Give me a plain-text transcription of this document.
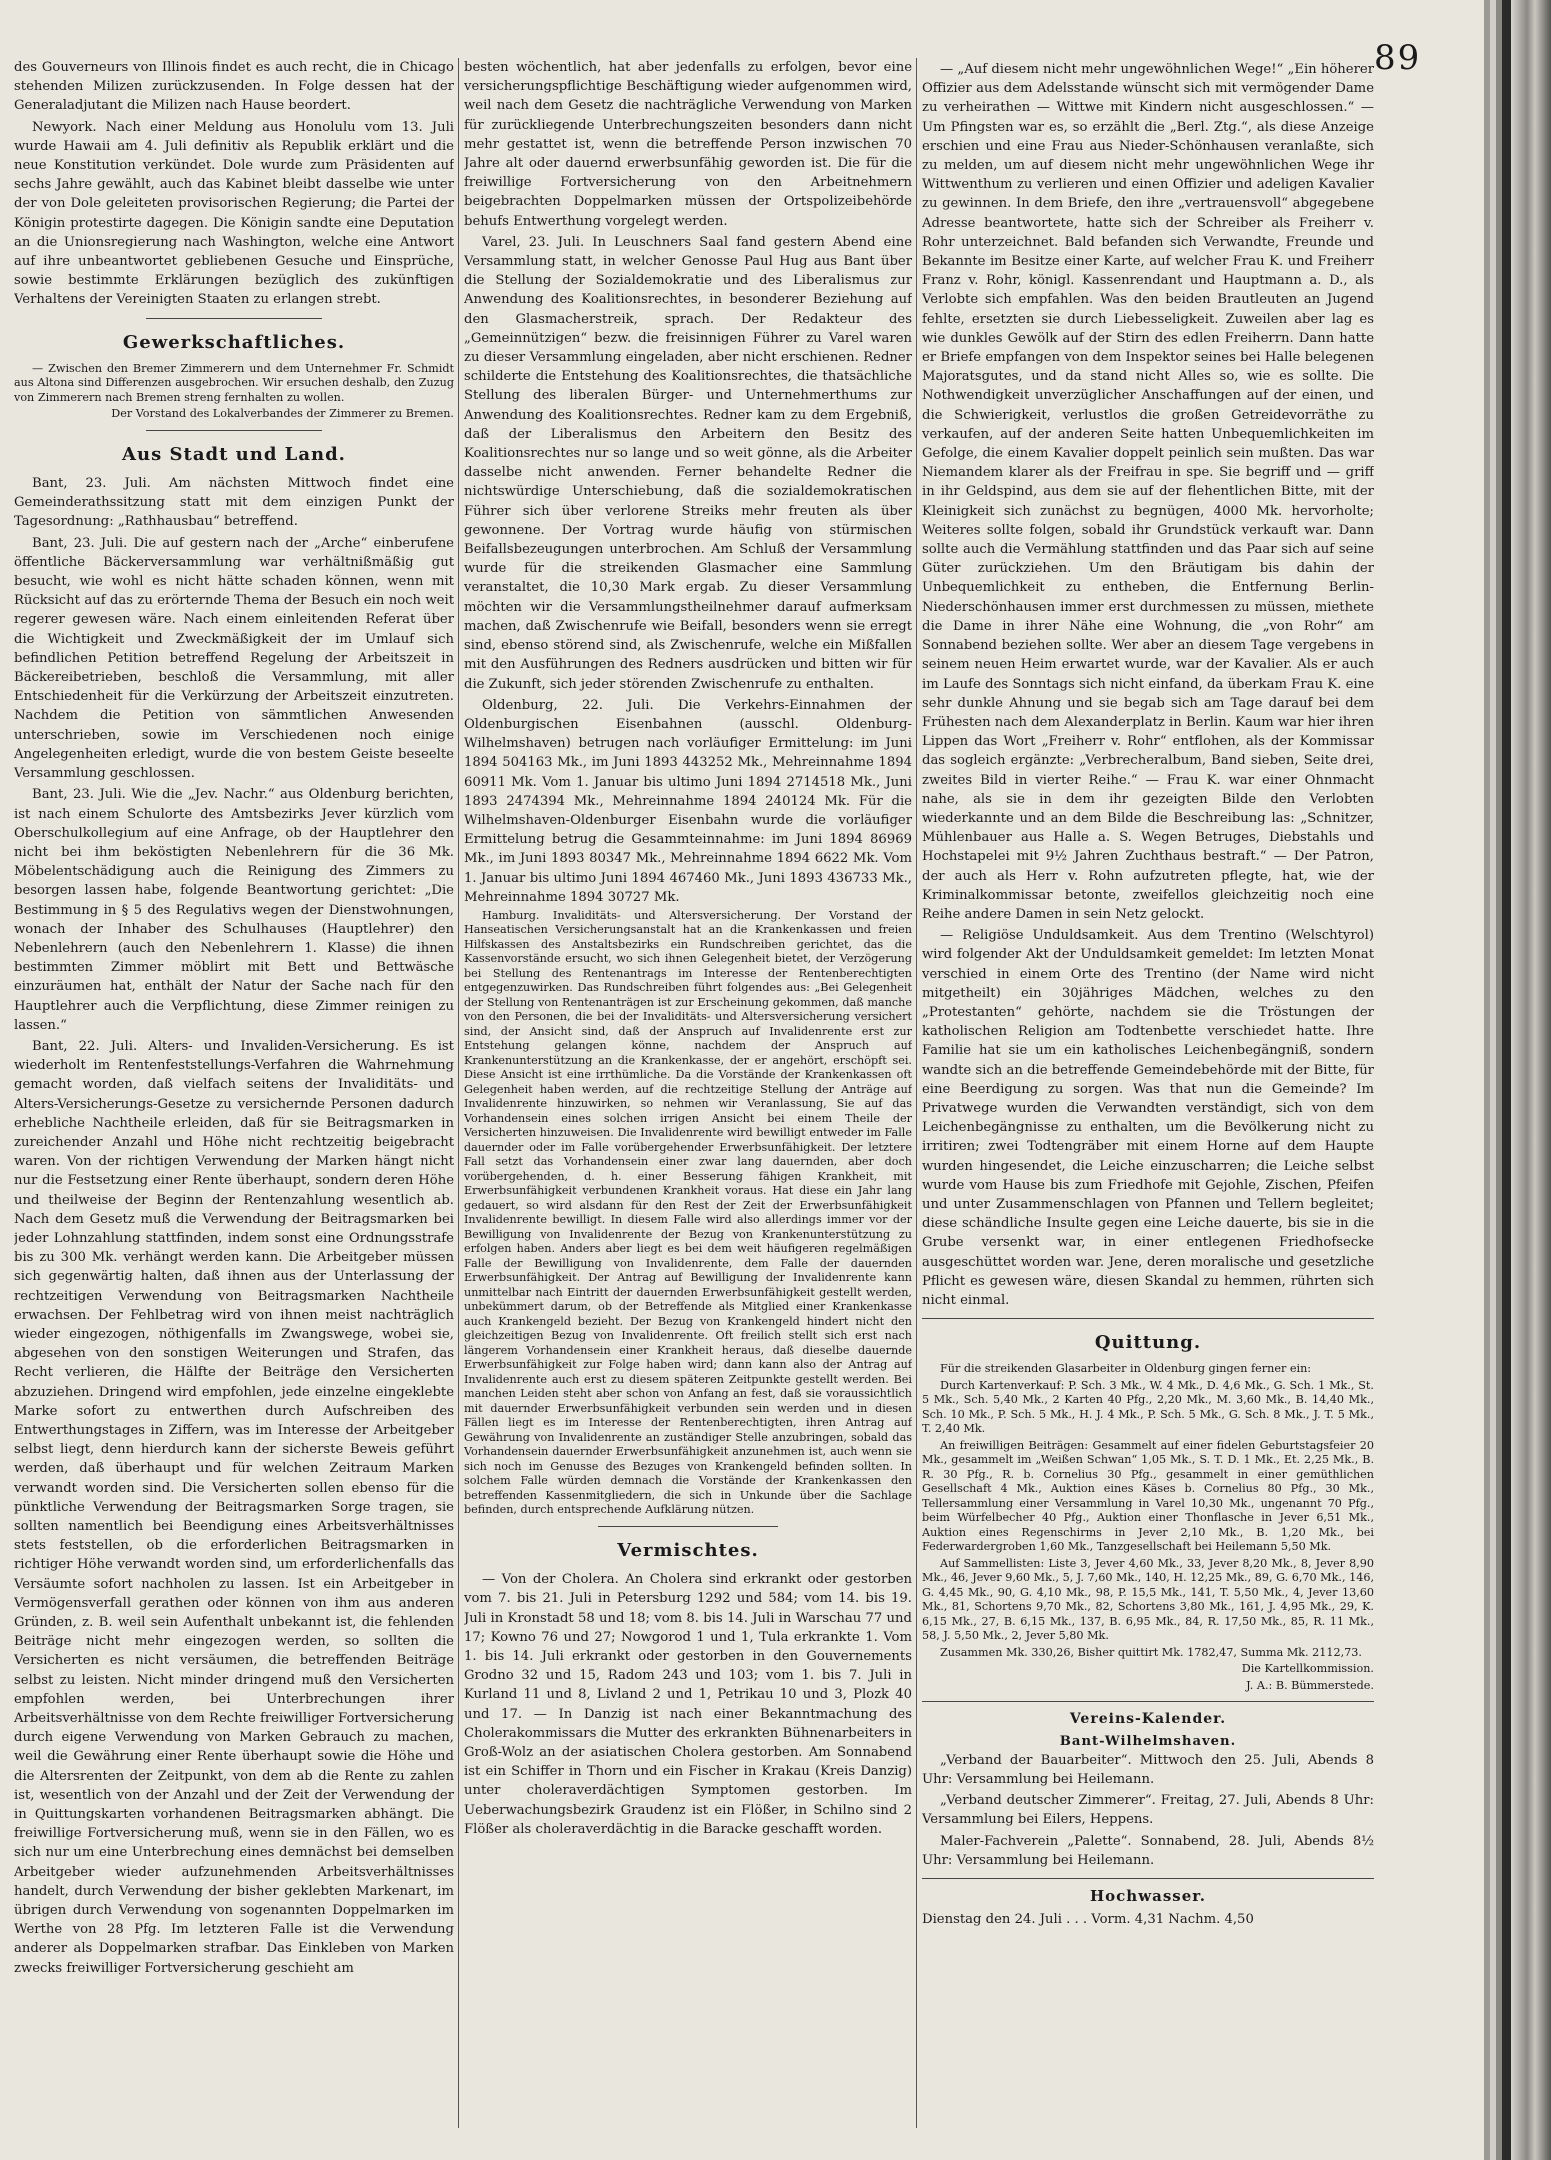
89

des Gouverneurs von Illinois findet es auch recht, die in Chicago stehenden Milizen zurückzusenden. In Folge dessen hat der Generaladjutant die Milizen nach Hause beordert.

Newyork. Nach einer Meldung aus Honolulu vom 13. Juli wurde Hawaii am 4. Juli definitiv als Republik erklärt und die neue Konstitution verkündet. Dole wurde zum Präsidenten auf sechs Jahre gewählt, auch das Kabinet bleibt dasselbe wie unter der von Dole geleiteten provisorischen Regierung; die Partei der Königin protestirte dagegen. Die Königin sandte eine Deputation an die Unionsregierung nach Washington, welche eine Antwort auf ihre unbeantwortet gebliebenen Gesuche und Einsprüche, sowie bestimmte Erklärungen bezüglich des zukünftigen Verhaltens der Vereinigten Staaten zu erlangen strebt.

Gewerkschaftliches.

— Zwischen den Bremer Zimmerern und dem Unternehmer Fr. Schmidt aus Altona sind Differenzen ausgebrochen. Wir ersuchen deshalb, den Zuzug von Zimmerern nach Bremen streng fernhalten zu wollen.

Der Vorstand des Lokalverbandes der Zimmerer zu Bremen.

Aus Stadt und Land.

Bant, 23. Juli. Am nächsten Mittwoch findet eine Gemeinderathssitzung statt mit dem einzigen Punkt der Tagesordnung: „Rathhausbau“ betreffend.

Bant, 23. Juli. Die auf gestern nach der „Arche“ einberufene öffentliche Bäckerversammlung war verhältnißmäßig gut besucht, wie wohl es nicht hätte schaden können, wenn mit Rücksicht auf das zu erörternde Thema der Besuch ein noch weit regerer gewesen wäre. Nach einem einleitenden Referat über die Wichtigkeit und Zweckmäßigkeit der im Umlauf sich befindlichen Petition betreffend Regelung der Arbeitszeit in Bäckereibetrieben, beschloß die Versammlung, mit aller Entschiedenheit für die Verkürzung der Arbeitszeit einzutreten. Nachdem die Petition von sämmtlichen Anwesenden unterschrieben, sowie im Verschiedenen noch einige Angelegenheiten erledigt, wurde die von bestem Geiste beseelte Versammlung geschlossen.

Bant, 23. Juli. Wie die „Jev. Nachr.“ aus Oldenburg berichten, ist nach einem Schulorte des Amtsbezirks Jever kürzlich vom Oberschulkollegium auf eine Anfrage, ob der Hauptlehrer den nicht bei ihm beköstigten Nebenlehrern für die 36 Mk. Möbelentschädigung auch die Reinigung des Zimmers zu besorgen lassen habe, folgende Beantwortung gerichtet: „Die Bestimmung in § 5 des Regulativs wegen der Dienstwohnungen, wonach der Inhaber des Schulhauses (Hauptlehrer) den Nebenlehrern (auch den Nebenlehrern 1. Klasse) die ihnen bestimmten Zimmer möblirt mit Bett und Bettwäsche einzuräumen hat, enthält der Natur der Sache nach für den Hauptlehrer auch die Verpflichtung, diese Zimmer reinigen zu lassen.“

Bant, 22. Juli. Alters- und Invaliden-Versicherung. Es ist wiederholt im Rentenfeststellungs-Verfahren die Wahrnehmung gemacht worden, daß vielfach seitens der Invaliditäts- und Alters-Versicherungs-Gesetze zu versichernde Personen dadurch erhebliche Nachtheile erleiden, daß für sie Beitragsmarken in zureichender Anzahl und Höhe nicht rechtzeitig beigebracht waren. Von der richtigen Verwendung der Marken hängt nicht nur die Festsetzung einer Rente überhaupt, sondern deren Höhe und theilweise der Beginn der Rentenzahlung wesentlich ab. Nach dem Gesetz muß die Verwendung der Beitragsmarken bei jeder Lohnzahlung stattfinden, indem sonst eine Ordnungsstrafe bis zu 300 Mk. verhängt werden kann. Die Arbeitgeber müssen sich gegenwärtig halten, daß ihnen aus der Unterlassung der rechtzeitigen Verwendung von Beitragsmarken Nachtheile erwachsen. Der Fehlbetrag wird von ihnen meist nachträglich wieder eingezogen, nöthigenfalls im Zwangswege, wobei sie, abgesehen von den sonstigen Weiterungen und Strafen, das Recht verlieren, die Hälfte der Beiträge den Versicherten abzuziehen. Dringend wird empfohlen, jede einzelne eingeklebte Marke sofort zu entwerthen durch Aufschreiben des Entwerthungstages in Ziffern, was im Interesse der Arbeitgeber selbst liegt, denn hierdurch kann der sicherste Beweis geführt werden, daß überhaupt und für welchen Zeitraum Marken verwandt worden sind. Die Versicherten sollen ebenso für die pünktliche Verwendung der Beitragsmarken Sorge tragen, sie sollten namentlich bei Beendigung eines Arbeitsverhältnisses stets feststellen, ob die erforderlichen Beitragsmarken in richtiger Höhe verwandt worden sind, um erforderlichenfalls das Versäumte sofort nachholen zu lassen. Ist ein Arbeitgeber in Vermögensverfall gerathen oder können von ihm aus anderen Gründen, z. B. weil sein Aufenthalt unbekannt ist, die fehlenden Beiträge nicht mehr eingezogen werden, so sollten die Versicherten es nicht versäumen, die betreffenden Beiträge selbst zu leisten. Nicht minder dringend muß den Versicherten empfohlen werden, bei Unterbrechungen ihrer Arbeitsverhältnisse von dem Rechte freiwilliger Fortversicherung durch eigene Verwendung von Marken Gebrauch zu machen, weil die Gewährung einer Rente überhaupt sowie die Höhe und die Altersrenten der Zeitpunkt, von dem ab die Rente zu zahlen ist, wesentlich von der Anzahl und der Zeit der Verwendung der in Quittungskarten vorhandenen Beitragsmarken abhängt. Die freiwillige Fortversicherung muß, wenn sie in den Fällen, wo es sich nur um eine Unterbrechung eines demnächst bei demselben Arbeitgeber wieder aufzunehmenden Arbeitsverhältnisses handelt, durch Verwendung der bisher geklebten Markenart, im übrigen durch Verwendung von sogenannten Doppelmarken im Werthe von 28 Pfg. Im letzteren Falle ist die Verwendung anderer als Doppelmarken strafbar. Das Einkleben von Marken zwecks freiwilliger Fortversicherung geschieht am

besten wöchentlich, hat aber jedenfalls zu erfolgen, bevor eine versicherungspflichtige Beschäftigung wieder aufgenommen wird, weil nach dem Gesetz die nachträgliche Verwendung von Marken für zurückliegende Unterbrechungszeiten besonders dann nicht mehr gestattet ist, wenn die betreffende Person inzwischen 70 Jahre alt oder dauernd erwerbsunfähig geworden ist. Die für die freiwillige Fortversicherung von den Arbeitnehmern beigebrachten Doppelmarken müssen der Ortspolizeibehörde behufs Entwerthung vorgelegt werden.

Varel, 23. Juli. In Leuschners Saal fand gestern Abend eine Versammlung statt, in welcher Genosse Paul Hug aus Bant über die Stellung der Sozialdemokratie und des Liberalismus zur Anwendung des Koalitionsrechtes, in besonderer Beziehung auf den Glasmacherstreik, sprach. Der Redakteur des „Gemeinnützigen“ bezw. die freisinnigen Führer zu Varel waren zu dieser Versammlung eingeladen, aber nicht erschienen. Redner schilderte die Entstehung des Koalitionsrechtes, die thatsächliche Stellung des liberalen Bürger- und Unternehmerthums zur Anwendung des Koalitionsrechtes. Redner kam zu dem Ergebniß, daß der Liberalismus den Arbeitern den Besitz des Koalitionsrechtes nur so lange und so weit gönne, als die Arbeiter dasselbe nicht anwenden. Ferner behandelte Redner die nichtswürdige Unterschiebung, daß die sozialdemokratischen Führer sich über verlorene Streiks mehr freuten als über gewonnene. Der Vortrag wurde häufig von stürmischen Beifallsbezeugungen unterbrochen. Am Schluß der Versammlung wurde für die streikenden Glasmacher eine Sammlung veranstaltet, die 10,30 Mark ergab. Zu dieser Versammlung möchten wir die Versammlungstheilnehmer darauf aufmerksam machen, daß Zwischenrufe wie Beifall, besonders wenn sie erregt sind, ebenso störend sind, als Zwischenrufe, welche ein Mißfallen mit den Ausführungen des Redners ausdrücken und bitten wir für die Zukunft, sich jeder störenden Zwischenrufe zu enthalten.

Oldenburg, 22. Juli. Die Verkehrs-Einnahmen der Oldenburgischen Eisenbahnen (ausschl. Oldenburg-Wilhelmshaven) betrugen nach vorläufiger Ermittelung: im Juni 1894 504163 Mk., im Juni 1893 443252 Mk., Mehreinnahme 1894 60911 Mk. Vom 1. Januar bis ultimo Juni 1894 2714518 Mk., Juni 1893 2474394 Mk., Mehreinnahme 1894 240124 Mk. Für die Wilhelmshaven-Oldenburger Eisenbahn wurde die vorläufiger Ermittelung betrug die Gesammteinnahme: im Juni 1894 86969 Mk., im Juni 1893 80347 Mk., Mehreinnahme 1894 6622 Mk. Vom 1. Januar bis ultimo Juni 1894 467460 Mk., Juni 1893 436733 Mk., Mehreinnahme 1894 30727 Mk.

Hamburg. Invaliditäts- und Altersversicherung. Der Vorstand der Hanseatischen Versicherungsanstalt hat an die Krankenkassen und freien Hilfskassen des Anstaltsbezirks ein Rundschreiben gerichtet, das die Kassenvorstände ersucht, wo sich ihnen Gelegenheit bietet, der Verzögerung bei Stellung des Rentenantrags im Interesse der Rentenberechtigten entgegenzuwirken. Das Rundschreiben führt folgendes aus: „Bei Gelegenheit der Stellung von Rentenanträgen ist zur Erscheinung gekommen, daß manche von den Personen, die bei der Invaliditäts- und Altersversicherung versichert sind, der Ansicht sind, daß der Anspruch auf Invalidenrente erst zur Entstehung gelangen könne, nachdem der Anspruch auf Krankenunterstützung an die Krankenkasse, der er angehört, erschöpft sei. Diese Ansicht ist eine irrthümliche. Da die Vorstände der Krankenkassen oft Gelegenheit haben werden, auf die rechtzeitige Stellung der Anträge auf Invalidenrente hinzuwirken, so nehmen wir Veranlassung, Sie auf das Vorhandensein eines solchen irrigen Ansicht bei einem Theile der Versicherten hinzuweisen. Die Invalidenrente wird bewilligt entweder im Falle dauernder oder im Falle vorübergehender Erwerbsunfähigkeit. Der letztere Fall setzt das Vorhandensein einer zwar lang dauernden, aber doch vorübergehenden, d. h. einer Besserung fähigen Krankheit, mit Erwerbsunfähigkeit verbundenen Krankheit voraus. Hat diese ein Jahr lang gedauert, so wird alsdann für den Rest der Zeit der Erwerbsunfähigkeit Invalidenrente bewilligt. In diesem Falle wird also allerdings immer vor der Bewilligung von Invalidenrente der Bezug von Krankenunterstützung zu erfolgen haben. Anders aber liegt es bei dem weit häufigeren regelmäßigen Falle der Bewilligung von Invalidenrente, dem Falle der dauernden Erwerbsunfähigkeit. Der Antrag auf Bewilligung der Invalidenrente kann unmittelbar nach Eintritt der dauernden Erwerbsunfähigkeit gestellt werden, unbekümmert darum, ob der Betreffende als Mitglied einer Krankenkasse auch Krankengeld bezieht. Der Bezug von Krankengeld hindert nicht den gleichzeitigen Bezug von Invalidenrente. Oft freilich stellt sich erst nach längerem Vorhandensein einer Krankheit heraus, daß dieselbe dauernde Erwerbsunfähigkeit zur Folge haben wird; dann kann also der Antrag auf Invalidenrente auch erst zu diesem späteren Zeitpunkte gestellt werden. Bei manchen Leiden steht aber schon von Anfang an fest, daß sie voraussichtlich mit dauernder Erwerbsunfähigkeit verbunden sein werden und in diesen Fällen liegt es im Interesse der Rentenberechtigten, ihren Antrag auf Gewährung von Invalidenrente an zuständiger Stelle anzubringen, sobald das Vorhandensein dauernder Erwerbsunfähigkeit anzunehmen ist, auch wenn sie sich noch im Genusse des Bezuges von Krankengeld befinden sollten. In solchem Falle würden demnach die Vorstände der Krankenkassen den betreffenden Kassenmitgliedern, die sich in Unkunde über die Sachlage befinden, durch entsprechende Aufklärung nützen.

Vermischtes.

— Von der Cholera. An Cholera sind erkrankt oder gestorben vom 7. bis 21. Juli in Petersburg 1292 und 584; vom 14. bis 19. Juli in Kronstadt 58 und 18; vom 8. bis 14. Juli in Warschau 77 und 17; Kowno 76 und 27; Nowgorod 1 und 1, Tula erkrankte 1. Vom 1. bis 14. Juli erkrankt oder gestorben in den Gouvernements Grodno 32 und 15, Radom 243 und 103; vom 1. bis 7. Juli in Kurland 11 und 8, Livland 2 und 1, Petrikau 10 und 3, Plozk 40 und 17. — In Danzig ist nach einer Bekanntmachung des Cholerakommissars die Mutter des erkrankten Bühnenarbeiters in Groß-Wolz an der asiatischen Cholera gestorben. Am Sonnabend ist ein Schiffer in Thorn und ein Fischer in Krakau (Kreis Danzig) unter choleraverdächtigen Symptomen gestorben. Im Ueberwachungsbezirk Graudenz ist ein Flößer, in Schilno sind 2 Flößer als choleraverdächtig in die Baracke geschafft worden.

— „Auf diesem nicht mehr ungewöhnlichen Wege!“ „Ein höherer Offizier aus dem Adelsstande wünscht sich mit vermögender Dame zu verheirathen — Wittwe mit Kindern nicht ausgeschlossen.“ — Um Pfingsten war es, so erzählt die „Berl. Ztg.“, als diese Anzeige erschien und eine Frau aus Nieder-Schönhausen veranlaßte, sich zu melden, um auf diesem nicht mehr ungewöhnlichen Wege ihr Wittwenthum zu verlieren und einen Offizier und adeligen Kavalier zu gewinnen. In dem Briefe, den ihre „vertrauensvoll“ abgegebene Adresse beantwortete, hatte sich der Schreiber als Freiherr v. Rohr unterzeichnet. Bald befanden sich Verwandte, Freunde und Bekannte im Besitze einer Karte, auf welcher Frau K. und Freiherr Franz v. Rohr, königl. Kassenrendant und Hauptmann a. D., als Verlobte sich empfahlen. Was den beiden Brautleuten an Jugend fehlte, ersetzten sie durch Liebesseligkeit. Zuweilen aber lag es wie dunkles Gewölk auf der Stirn des edlen Freiherrn. Dann hatte er Briefe empfangen von dem Inspektor seines bei Halle belegenen Majoratsgutes, und da stand nicht Alles so, wie es sollte. Die Nothwendigkeit unverzüglicher Anschaffungen auf der einen, und die Schwierigkeit, verlustlos die großen Getreidevorräthe zu verkaufen, auf der anderen Seite hatten Unbequemlichkeiten im Gefolge, die einem Kavalier doppelt peinlich sein mußten. Das war Niemandem klarer als der Freifrau in spe. Sie begriff und — griff in ihr Geldspind, aus dem sie auf der flehentlichen Bitte, mit der Kleinigkeit sich zunächst zu begnügen, 4000 Mk. hervorholte; Weiteres sollte folgen, sobald ihr Grundstück verkauft war. Dann sollte auch die Vermählung stattfinden und das Paar sich auf seine Güter zurückziehen. Um den Bräutigam bis dahin der Unbequemlichkeit zu entheben, die Entfernung Berlin-Niederschönhausen immer erst durchmessen zu müssen, miethete die Dame in ihrer Nähe eine Wohnung, die „von Rohr“ am Sonnabend beziehen sollte. Wer aber an diesem Tage vergebens in seinem neuen Heim erwartet wurde, war der Kavalier. Als er auch im Laufe des Sonntags sich nicht einfand, da überkam Frau K. eine sehr dunkle Ahnung und sie begab sich am Tage darauf bei dem Frühesten nach dem Alexanderplatz in Berlin. Kaum war hier ihren Lippen das Wort „Freiherr v. Rohr“ entflohen, als der Kommissar das sogleich ergänzte: „Verbrecheralbum, Band sieben, Seite drei, zweites Bild in vierter Reihe.“ — Frau K. war einer Ohnmacht nahe, als sie in dem ihr gezeigten Bilde den Verlobten wiederkannte und an dem Bilde die Beschreibung las: „Schnitzer, Mühlenbauer aus Halle a. S. Wegen Betruges, Diebstahls und Hochstapelei mit 9½ Jahren Zuchthaus bestraft.“ — Der Patron, der auch als Herr v. Rohn aufzutreten pflegte, hat, wie der Kriminalkommissar betonte, zweifellos gleichzeitig noch eine Reihe andere Damen in sein Netz gelockt.

— Religiöse Unduldsamkeit. Aus dem Trentino (Welschtyrol) wird folgender Akt der Unduldsamkeit gemeldet: Im letzten Monat verschied in einem Orte des Trentino (der Name wird nicht mitgetheilt) ein 30jähriges Mädchen, welches zu den „Protestanten“ gehörte, nachdem sie die Tröstungen der katholischen Religion am Todtenbette verschiedet hatte. Ihre Familie hat sie um ein katholisches Leichenbegängniß, sondern wandte sich an die betreffende Gemeindebehörde mit der Bitte, für eine Beerdigung zu sorgen. Was that nun die Gemeinde? Im Privatwege wurden die Verwandten verständigt, sich von dem Leichenbegängnisse zu enthalten, um die Bevölkerung nicht zu irritiren; zwei Todtengräber mit einem Horne auf dem Haupte wurden hingesendet, die Leiche einzuscharren; die Leiche selbst wurde vom Hause bis zum Friedhofe mit Gejohle, Zischen, Pfeifen und unter Zusammenschlagen von Pfannen und Tellern begleitet; diese schändliche Insulte gegen eine Leiche dauerte, bis sie in die Grube versenkt war, in einer entlegenen Friedhofsecke ausgeschüttet worden war. Jene, deren moralische und gesetzliche Pflicht es gewesen wäre, diesen Skandal zu hemmen, rührten sich nicht einmal.

Quittung.

Für die streikenden Glasarbeiter in Oldenburg gingen ferner ein:

Durch Kartenverkauf: P. Sch. 3 Mk., W. 4 Mk., D. 4,6 Mk., G. Sch. 1 Mk., St. 5 Mk., Sch. 5,40 Mk., 2 Karten 40 Pfg., 2,20 Mk., M. 3,60 Mk., B. 14,40 Mk., Sch. 10 Mk., P. Sch. 5 Mk., H. J. 4 Mk., P. Sch. 5 Mk., G. Sch. 8 Mk., J. T. 5 Mk., T. 2,40 Mk.

An freiwilligen Beiträgen: Gesammelt auf einer fidelen Geburtstagsfeier 20 Mk., gesammelt im „Weißen Schwan“ 1,05 Mk., S. T. D. 1 Mk., Et. 2,25 Mk., B. R. 30 Pfg., R. b. Cornelius 30 Pfg., gesammelt in einer gemüthlichen Gesellschaft 4 Mk., Auktion eines Käses b. Cornelius 80 Pfg., 30 Mk., Tellersammlung einer Versammlung in Varel 10,30 Mk., ungenannt 70 Pfg., beim Würfelbecher 40 Pfg., Auktion einer Thonflasche in Jever 6,51 Mk., Auktion eines Regenschirms in Jever 2,10 Mk., B. 1,20 Mk., bei Federwardergroben 1,60 Mk., Tanzgesellschaft bei Heilemann 5,50 Mk.

Auf Sammellisten: Liste 3, Jever 4,60 Mk., 33, Jever 8,20 Mk., 8, Jever 8,90 Mk., 46, Jever 9,60 Mk., 5, J. 7,60 Mk., 140, H. 12,25 Mk., 89, G. 6,70 Mk., 146, G. 4,45 Mk., 90, G. 4,10 Mk., 98, P. 15,5 Mk., 141, T. 5,50 Mk., 4, Jever 13,60 Mk., 81, Schortens 9,70 Mk., 82, Schortens 3,80 Mk., 161, J. 4,95 Mk., 29, K. 6,15 Mk., 27, B. 6,15 Mk., 137, B. 6,95 Mk., 84, R. 17,50 Mk., 85, R. 11 Mk., 58, J. 5,50 Mk., 2, Jever 5,80 Mk.

Zusammen Mk. 330,26, Bisher quittirt Mk. 1782,47, Summa Mk. 2112,73.

Die Kartellkommission.

J. A.: B. Bümmerstede.

Vereins-Kalender.
Bant-Wilhelmshaven.

„Verband der Bauarbeiter“. Mittwoch den 25. Juli, Abends 8 Uhr: Versammlung bei Heilemann.

„Verband deutscher Zimmerer“. Freitag, 27. Juli, Abends 8 Uhr: Versammlung bei Eilers, Heppens.

Maler-Fachverein „Palette“. Sonnabend, 28. Juli, Abends 8½ Uhr: Versammlung bei Heilemann.

Hochwasser.

Dienstag den 24. Juli . . . Vorm. 4,31 Nachm. 4,50
